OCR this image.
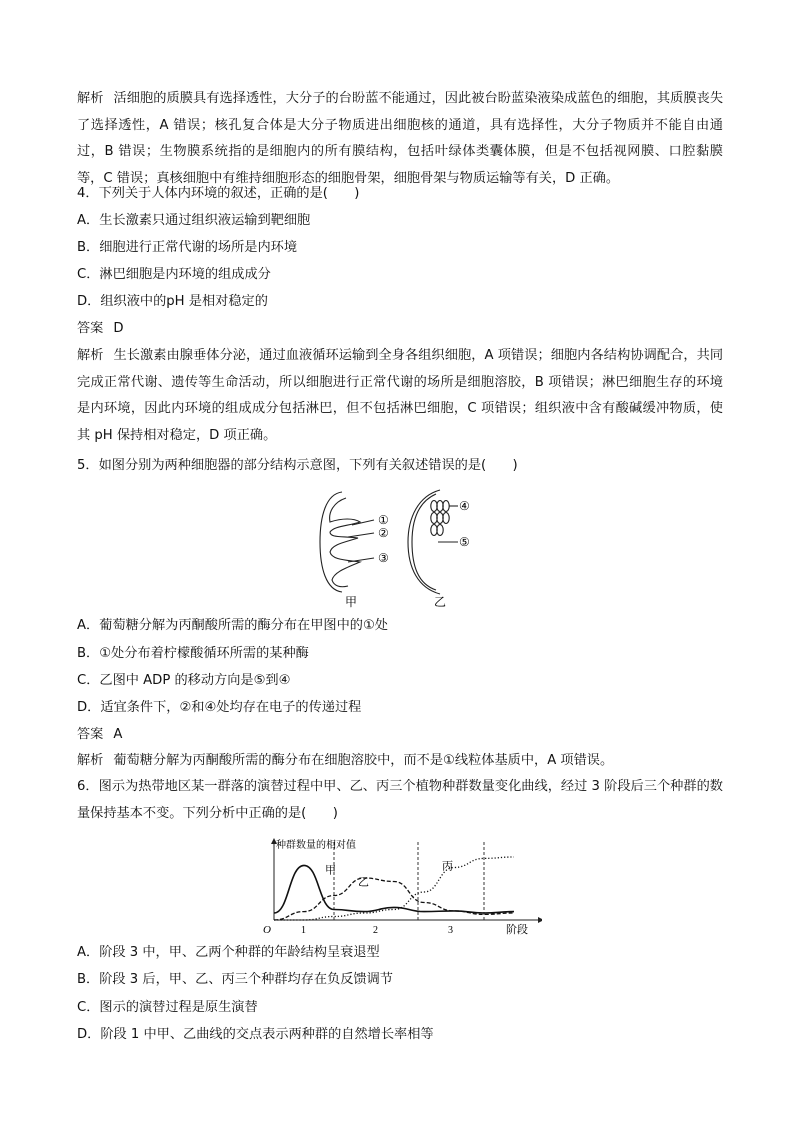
解析 活细胞的质膜具有选择透性，大分子的台盼蓝不能通过，因此被台盼蓝染液染成蓝色的细胞，其质膜丧失了选择透性，A 错误；核孔复合体是大分子物质进出细胞核的通道，具有选择性，大分子物质并不能自由通过，B 错误；生物膜系统指的是细胞内的所有膜结构，包括叶绿体类囊体膜，但是不包括视网膜、口腔黏膜等，C 错误；真核细胞中有维持细胞形态的细胞骨架，细胞骨架与物质运输等有关，D 正确。

4．下列关于人体内环境的叙述，正确的是(　　)

A．生长激素只通过组织液运输到靶细胞

B．细胞进行正常代谢的场所是内环境

C．淋巴细胞是内环境的组成成分

D．组织液中的pH 是相对稳定的

答案 D

解析 生长激素由腺垂体分泌，通过血液循环运输到全身各组织细胞，A 项错误；细胞内各结构协调配合，共同完成正常代谢、遗传等生命活动，所以细胞进行正常代谢的场所是细胞溶胶，B 项错误；淋巴细胞生存的环境是内环境，因此内环境的组成成分包括淋巴，但不包括淋巴细胞，C 项错误；组织液中含有酸碱缓冲物质，使其 pH 保持相对稳定，D 项正确。

5．如图分别为两种细胞器的部分结构示意图，下列有关叙述错误的是(　　)

①
②
③
④
⑤
甲	乙

A．葡萄糖分解为丙酮酸所需的酶分布在甲图中的①处

B．①处分布着柠檬酸循环所需的某种酶

C．乙图中 ADP 的移动方向是⑤到④

D．适宜条件下，②和④处均存在电子的传递过程

答案 A

解析 葡萄糖分解为丙酮酸所需的酶分布在细胞溶胶中，而不是①线粒体基质中，A 项错误。

6．图示为热带地区某一群落的演替过程中甲、乙、丙三个植物种群数量变化曲线，经过 3 阶段后三个种群的数量保持基本不变。下列分析中正确的是(　　)

种群数量的相对值
O	阶段
1	2	3
甲
乙
丙

A．阶段 3 中，甲、乙两个种群的年龄结构呈衰退型

B．阶段 3 后，甲、乙、丙三个种群均存在负反馈调节

C．图示的演替过程是原生演替

D．阶段 1 中甲、乙曲线的交点表示两种群的自然增长率相等
